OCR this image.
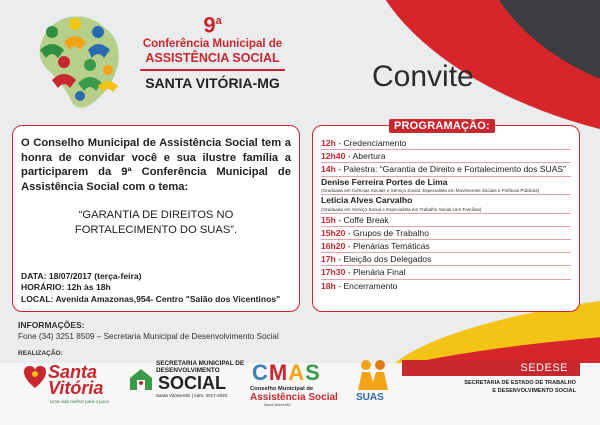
9$^a$
Conferência Municipal de
ASSISTÊNCIA SOCIAL
SANTA VITÓRIA-MG	Convite
O Conselho Municipal de Assistência Social tem a honra de convidar você e sua ilustre família a participarem da 9ª Conferência Municipal de Assistência Social com o tema:
“GARANTIA DE DIREITOS NO
FORTALECIMENTO DO SUAS”.
DATA: 18/07/2017 (terça-feira)
HORÁRIO: 12h às 18h
LOCAL: Avenida Amazonas,954- Centro "Salão dos Vicentinos"
PROGRAMAÇÃO:
12h - Credenciamento
12h40 - Abertura
14h - Palestra: “Garantia de Direito e Fortalecimento dos SUAS”
Denise Ferreira Portes de Lima
(Graduada em Ciências Sociais e Serviço Social, Especialista em Movimentos Sociais e Políticas Públicas)
Leticia Alves Carvalho
(Graduada em Serviço Social e Especialista em Trabalho Social com Famílias)
15h - Coffe Break
15h20 - Grupos de Trabalho
16h20 - Plenárias Temáticas
17h - Eleição dos Delegados
17h30 - Plenária Final
18h - Encerramento
INFORMAÇÕES:
Fone (34) 3251 8509 – Secretaria Municipal de Desenvolvimento Social
REALIZAÇÃO:
Santa
Vitória
Uma vida melhor para o povo
SECRETARIA MUNICIPAL DE
DESENVOLVIMENTO
SOCIAL
Santa Vitória-MG | Adm. 2017-2020
CMAS
Conselho Municipal de
Assistência Social
Santa Vitória-MG
SUAS
SEDESE
SECRETARIA DE ESTADO DE TRABALHO
E DESENVOLVIMENTO SOCIAL
